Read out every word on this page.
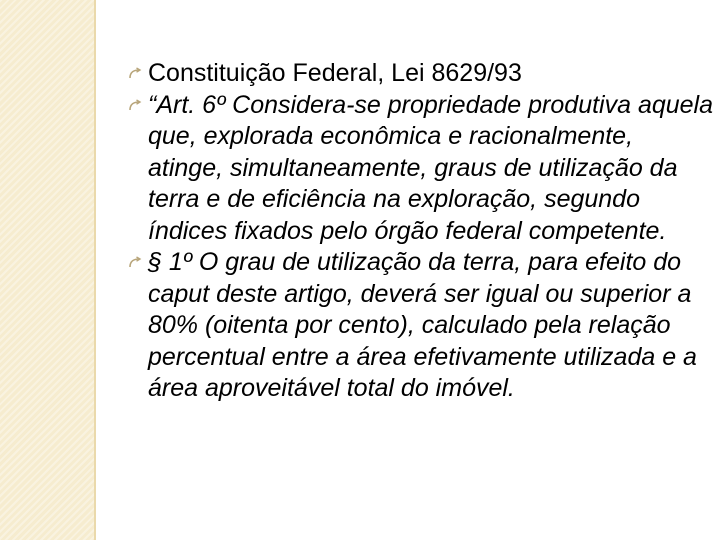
Constituição Federal, Lei 8629/93
“Art. 6º Considera-se propriedade produtiva aquela que, explorada econômica e racionalmente, atinge, simultaneamente, graus de utilização da terra e de eficiência na exploração, segundo índices fixados pelo órgão federal competente.
§ 1º O grau de utilização da terra, para efeito do caput deste artigo, deverá ser igual ou superior a 80% (oitenta por cento), calculado pela relação percentual entre a área efetivamente utilizada e a área aproveitável total do imóvel.
